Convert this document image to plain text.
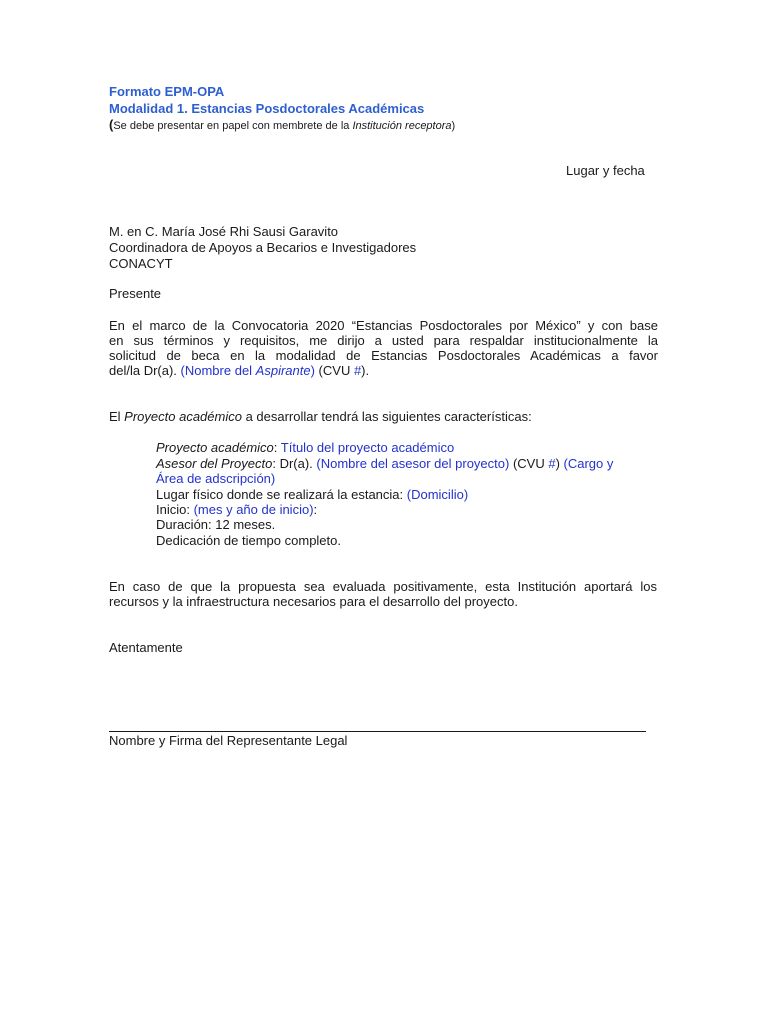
Formato EPM-OPA
Modalidad 1. Estancias Posdoctorales Académicas
(Se debe presentar en papel con membrete de la Institución receptora)
Lugar y fecha
M. en C. María José Rhi Sausi Garavito
Coordinadora de Apoyos a Becarios e Investigadores
CONACYT
Presente
En el marco de la Convocatoria 2020 “Estancias Posdoctorales por México” y con base
en sus términos y requisitos, me dirijo a usted para respaldar institucionalmente la
solicitud de beca en la modalidad de Estancias Posdoctorales Académicas a favor
del/la Dr(a). (Nombre del Aspirante) (CVU #).
El Proyecto académico a desarrollar tendrá las siguientes características:
Proyecto académico: Título del proyecto académico
Asesor del Proyecto: Dr(a). (Nombre del asesor del proyecto) (CVU #) (Cargo y
Área de adscripción)
Lugar físico donde se realizará la estancia: (Domicilio)
Inicio: (mes y año de inicio):
Duración: 12 meses.
Dedicación de tiempo completo.
En caso de que la propuesta sea evaluada positivamente, esta Institución aportará los
recursos y la infraestructura necesarios para el desarrollo del proyecto.
Atentamente
Nombre y Firma del Representante Legal
